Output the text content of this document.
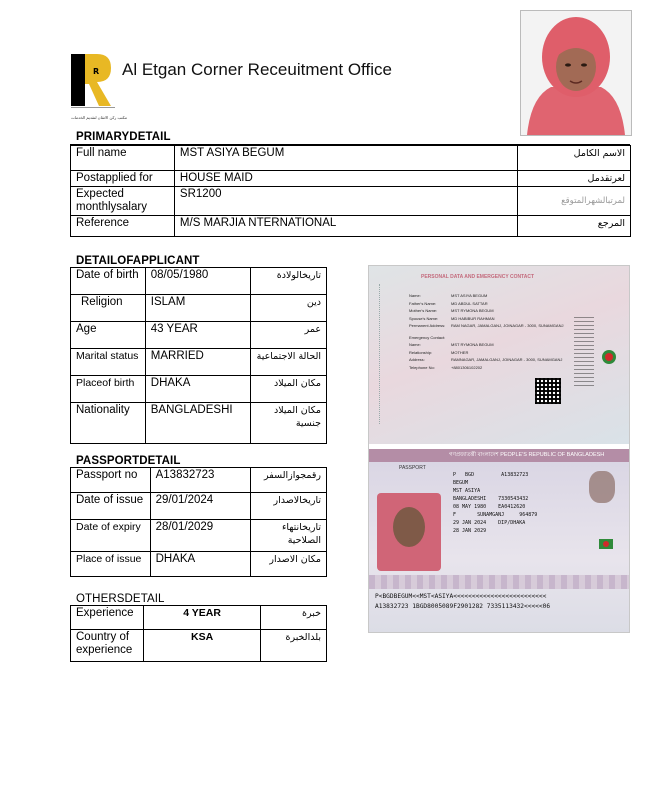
R
مكتب ركن الاتقان لتقديم الخدمات
Al Etgan Corner Receuitment Office
PRIMARYDETAIL
Full name	MST ASIYA BEGUM	الاسم الكامل
Postapplied for	HOUSE MAID	لعرتقدمل
Expected monthlysalary	SR1200	لمرتبالشهرالمتوقع
Reference	M/S MARJIA NTERNATIONAL	المرجع
DETAILOFAPPLICANT
Date of birth	08/05/1980	تاريخالولادة
Religion	ISLAM	دين
Age	43 YEAR	عمر
Marital status	MARRIED	الحالة الاجتماعية
Placeof birth	DHAKA	مكان الميلاد
Nationality	BANGLADESHI	مكان الميلاد جنسية
PASSPORTDETAIL
Passport no	A13832723	رقمجوازالسفر
Date of issue	29/01/2024	تاريخالاصدار
Date of expiry	28/01/2029	تاريخانتهاء الصلاحية
Place of issue	DHAKA	مكان الاصدار
OTHERSDETAIL
Experience	4 YEAR	خبرة
Country of experience	KSA	بلدالخبرة
PERSONAL DATA AND EMERGENCY CONTACT
Name:	MST ASIYA BEGUM
Father's Name:	MD ABDUL SATTAR
Mother's Name:	MST RYMONA BEGUM
Spouse's Name:	MD HABIBUR RAHMAN
Permanent Address: RAM NAGAR, JAMALGANJ, JOINAGAR - 3000, SUNAMGANJ
Emergency Contact:
Name:	MST RYMONA BEGUM
Relationship:	MOTHER
Address:	RAMNAGAR, JAMALGANJ, JOINAGAR - 3000, SUNAMGANJ
Telephone No:	+8801306102202
গণপ্রজাতন্ত্রী বাংলাদেশ PEOPLE'S REPUBLIC OF BANGLADESH
PASSPORT
P BGD	A13832723
BEGUM
MST ASIYA
BANGLADESHI 7330543432
08 MAY 1980 EA0412620
F	SUNAMGANJ	964879
29 JAN 2024 DIP/DHAKA
28 JAN 2029
P<BGDBEGUM<<MST<ASIYA<<<<<<<<<<<<<<<<<<<<<<<<<
A13832723 1BGD8005089F2901282 7335113432<<<<<06
